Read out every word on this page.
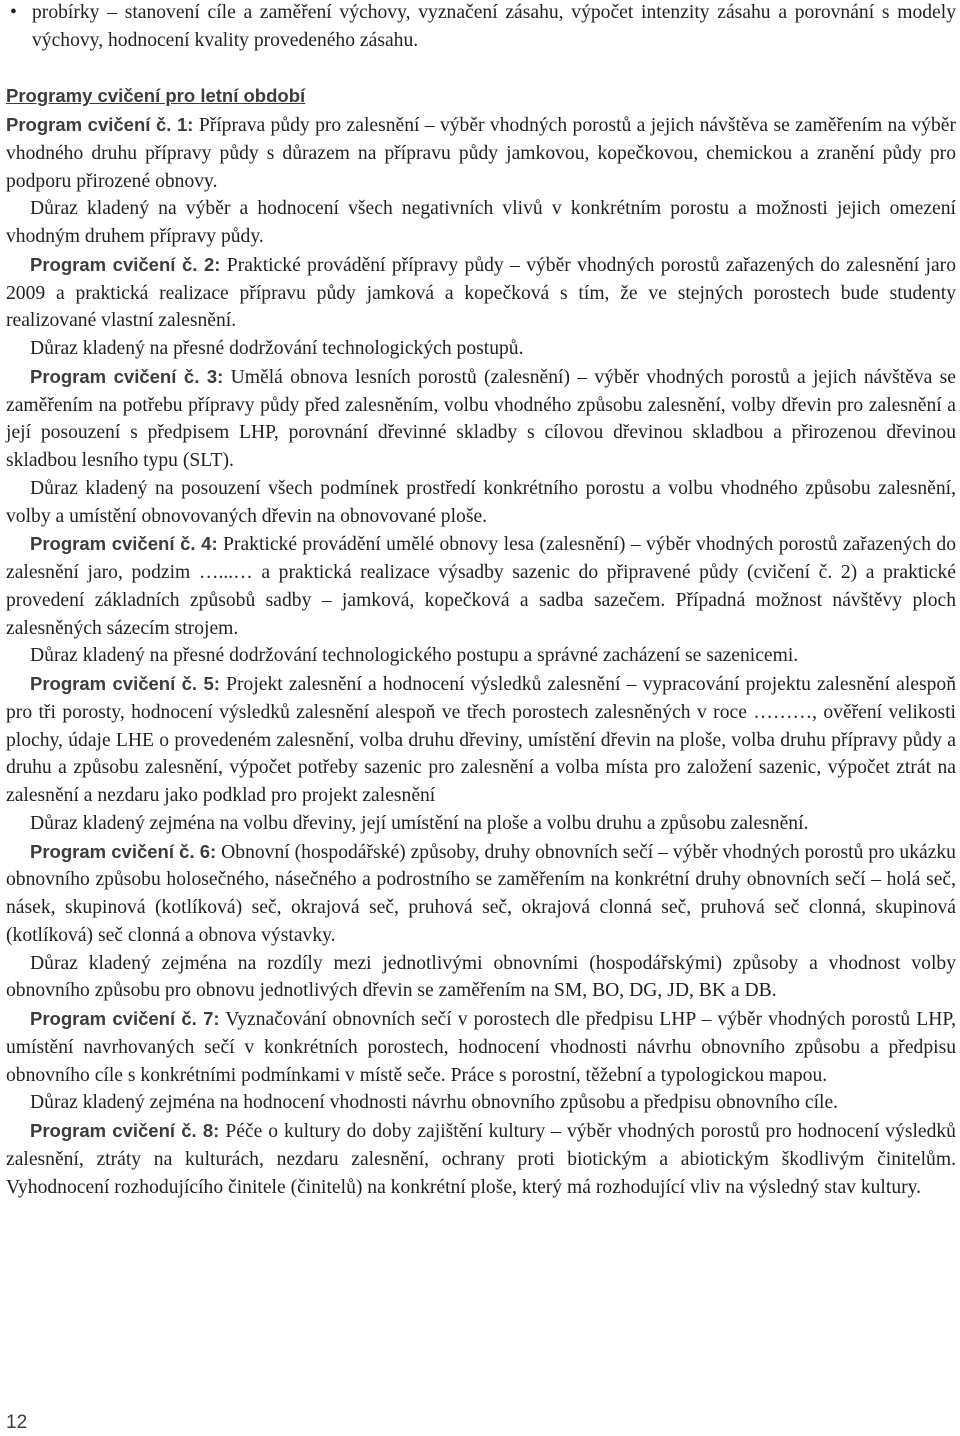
• probírky – stanovení cíle a zaměření výchovy, vyznačení zásahu, výpočet intenzity zásahu a porovnání s modely výchovy, hodnocení kvality provedeného zásahu.

Programy cvičení pro letní období

Program cvičení č. 1: Příprava půdy pro zalesnění – výběr vhodných porostů a jejich návštěva se zaměřením na výběr vhodného druhu přípravy půdy s důrazem na přípravu půdy jamkovou, kopečkovou, chemickou a zranění půdy pro podporu přirozené obnovy.

Důraz kladený na výběr a hodnocení všech negativních vlivů v konkrétním porostu a možnosti jejich omezení vhodným druhem přípravy půdy.

Program cvičení č. 2: Praktické provádění přípravy půdy – výběr vhodných porostů zařazených do zalesnění jaro 2009 a praktická realizace přípravu půdy jamková a kopečková s tím, že ve stejných porostech bude studenty realizované vlastní zalesnění.

Důraz kladený na přesné dodržování technologických postupů.

Program cvičení č. 3: Umělá obnova lesních porostů (zalesnění) – výběr vhodných porostů a jejich návštěva se zaměřením na potřebu přípravy půdy před zalesněním, volbu vhodného způsobu zalesnění, volby dřevin pro zalesnění a její posouzení s předpisem LHP, porovnání dřevinné skladby s cílovou dřevinou skladbou a přirozenou dřevinou skladbou lesního typu (SLT).

Důraz kladený na posouzení všech podmínek prostředí konkrétního porostu a volbu vhodného způsobu zalesnění, volby a umístění obnovovaných dřevin na obnovované ploše.

Program cvičení č. 4: Praktické provádění umělé obnovy lesa (zalesnění) – výběr vhodných porostů zařazených do zalesnění jaro, podzim …...… a praktická realizace výsadby sazenic do připravené půdy (cvičení č. 2) a praktické provedení základních způsobů sadby – jamková, kopečková a sadba sazečem. Případná možnost návštěvy ploch zalesněných sázecím strojem.

Důraz kladený na přesné dodržování technologického postupu a správné zacházení se sazenicemi.

Program cvičení č. 5: Projekt zalesnění a hodnocení výsledků zalesnění – vypracování projektu zalesnění alespoň pro tři porosty, hodnocení výsledků zalesnění alespoň ve třech porostech zalesněných v roce ………, ověření velikosti plochy, údaje LHE o provedeném zalesnění, volba druhu dřeviny, umístění dřevin na ploše, volba druhu přípravy půdy a druhu a způsobu zalesnění, výpočet potřeby sazenic pro zalesnění a volba místa pro založení sazenic, výpočet ztrát na zalesnění a nezdaru jako podklad pro projekt zalesnění

Důraz kladený zejména na volbu dřeviny, její umístění na ploše a volbu druhu a způsobu zalesnění.

Program cvičení č. 6: Obnovní (hospodářské) způsoby, druhy obnovních sečí – výběr vhodných porostů pro ukázku obnovního způsobu holosečného, násečného a podrostního se zaměřením na konkrétní druhy obnovních sečí – holá seč, násek, skupinová (kotlíková) seč, okrajová seč, pruhová seč, okrajová clonná seč, pruhová seč clonná, skupinová (kotlíková) seč clonná a obnova výstavky.

Důraz kladený zejména na rozdíly mezi jednotlivými obnovními (hospodářskými) způsoby a vhodnost volby obnovního způsobu pro obnovu jednotlivých dřevin se zaměřením na SM, BO, DG, JD, BK a DB.

Program cvičení č. 7: Vyznačování obnovních sečí v porostech dle předpisu LHP – výběr vhodných porostů LHP, umístění navrhovaných sečí v konkrétních porostech, hodnocení vhodnosti návrhu obnovního způsobu a předpisu obnovního cíle s konkrétními podmínkami v místě seče. Práce s porostní, těžební a typologickou mapou.

Důraz kladený zejména na hodnocení vhodnosti návrhu obnovního způsobu a předpisu obnovního cíle.

Program cvičení č. 8: Péče o kultury do doby zajištění kultury – výběr vhodných porostů pro hodnocení výsledků zalesnění, ztráty na kulturách, nezdaru zalesnění, ochrany proti biotickým a abiotickým škodlivým činitelům. Vyhodnocení rozhodujícího činitele (činitelů) na konkrétní ploše, který má rozhodující vliv na výsledný stav kultury.

12
